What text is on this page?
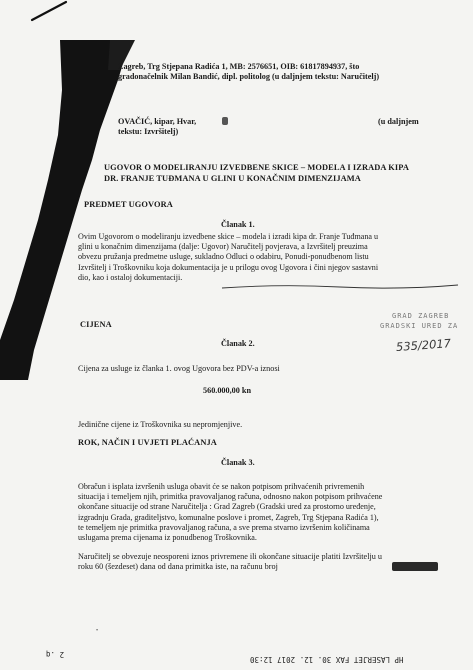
Zagreb, Trg Stjepana Radića 1, MB: 2576651, OIB: 61817894937, što
gradonačelnik Milan Bandić, dipl. politolog (u daljnjem tekstu: Naručitelj)
OVAČIĆ, kipar, Hvar,	(u daljnjem
tekstu: Izvršitelj)
UGOVOR O MODELIRANJU IZVEDBENE SKICE – MODELA I IZRADA KIPA
DR. FRANJE TUĐMANA U GLINI U KONAČNIM DIMENZIJAMA
PREDMET UGOVORA
Članak 1.
Ovim Ugovorom o modeliranju izvedbene skice – modela i izradi kipa dr. Franje Tuđmana u
glini u konačnim dimenzijama (dalje: Ugovor) Naručitelj povjerava, a Izvršitelj preuzima
obvezu pružanja predmetne usluge, sukladno Odluci o odabiru, Ponudi-ponudbenom listu
Izvršitelj i Troškovniku koja dokumentacija je u prilogu ovog Ugovora i čini njegov sastavni
dio, kao i ostaloj dokumentaciji.
CIJENA
GRAD ZAGREB
GRADSKI URED ZA
535/2017
Članak 2.
Cijena za usluge iz članka 1. ovog Ugovora bez PDV-a iznosi
560.000,00 kn
Jedinične cijene iz Troškovnika su nepromjenjive.
ROK, NAČIN I UVJETI PLAĆANJA
Članak 3.
Obračun i isplata izvršenih usluga obavit će se nakon potpisom prihvaćenih privremenih
situacija i temeljem njih, primitka pravovaljanog računa, odnosno nakon potpisom prihvaćene
okončane situacije od strane Naručitelja : Grad Zagreb (Gradski ured za prostorno uređenje,
izgradnju Grada, graditeljstvo, komunalne poslove i promet, Zagreb, Trg Stjepana Radića 1),
te temeljem nje primitka pravovaljanog računa, a sve prema stvarno izvršenim količinama
uslugama prema cijenama iz ponudbenog Troškovnika.
Naručitelj se obvezuje neosporeni iznos privremene ili okončane situacije platiti Izvršitelju u
roku 60 (šezdeset) dana od dana primitka iste, na računu broj
•
2 .q
HP LASERJET FAX 30. 12. 2017 12:30
